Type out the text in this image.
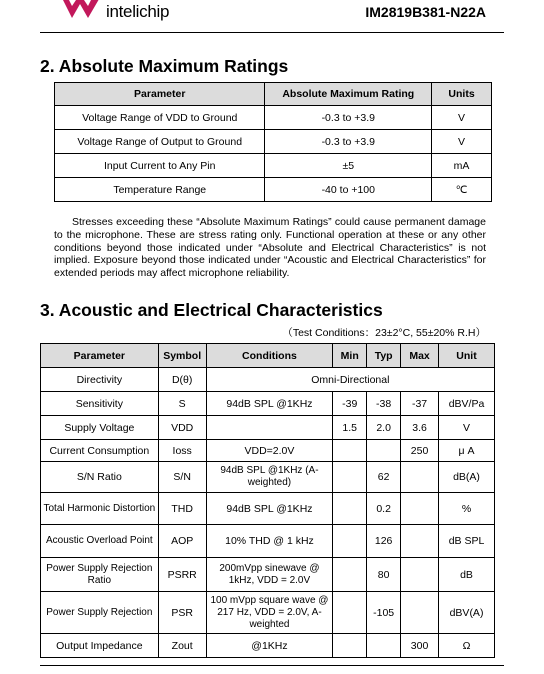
intelichip	IM2819B381-N22A
2. Absolute Maximum Ratings
Parameter	Absolute Maximum Rating	Units
Voltage Range of VDD to Ground	-0.3 to +3.9	V
Voltage Range of Output to Ground	-0.3 to +3.9	V
Input Current to Any Pin	±5	mA
Temperature Range	-40 to +100	℃
Stresses exceeding these “Absolute Maximum Ratings” could cause permanent damage to the microphone. These are stress rating only. Functional operation at these or any other conditions beyond those indicated under “Absolute and Electrical Characteristics” is not implied. Exposure beyond those indicated under “Acoustic and Electrical Characteristics” for extended periods may affect microphone reliability.
3. Acoustic and Electrical Characteristics
（Test Conditions：23±2°C, 55±20% R.H）
Parameter	Symbol	Conditions	Min	Typ	Max	Unit
Directivity	D(θ)	Omni-Directional				
Sensitivity	S	94dB SPL @1KHz	-39	-38	-37	dBV/Pa
Supply Voltage	VDD		1.5	2.0	3.6	V
Current Consumption	Ioss	VDD=2.0V			250	μ A
S/N Ratio	S/N	94dB SPL @1KHz (A-weighted)		62		dB(A)
Total Harmonic Distortion	THD	94dB SPL @1KHz		0.2		%
Acoustic Overload Point	AOP	10% THD @ 1 kHz		126		dB SPL
Power Supply Rejection Ratio	PSRR	200mVpp sinewave @ 1kHz, VDD = 2.0V		80		dB
Power Supply Rejection	PSR	100 mVpp square wave @ 217 Hz, VDD = 2.0V, A-weighted		-105		dBV(A)
Output Impedance	Zout	@1KHz			300	Ω
